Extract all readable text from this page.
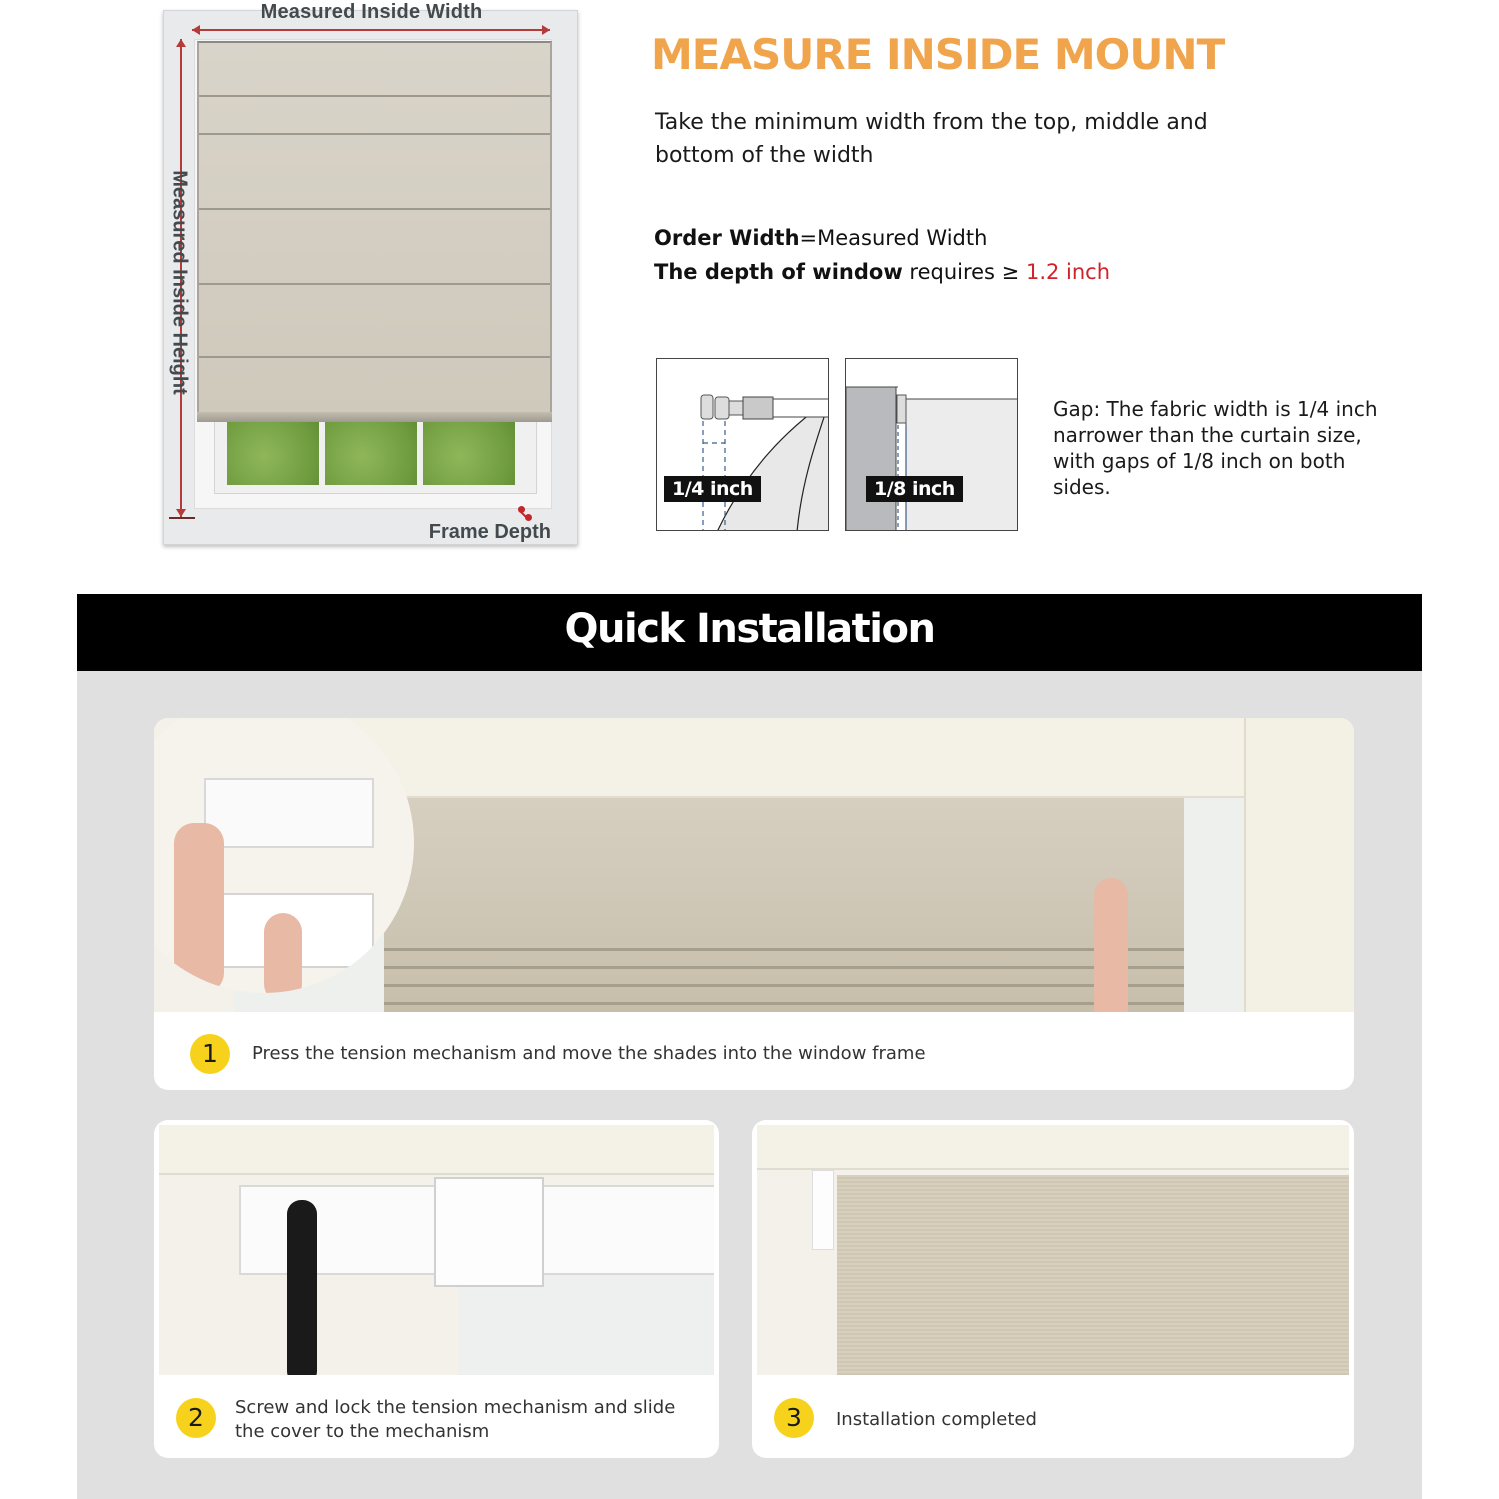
Measured Inside Width
Measured Inside Height
Frame Depth
MEASURE INSIDE MOUNT
Take the minimum width from the top, middle and bottom of the width
Order Width=Measured Width
The depth of window requires ≥ 1.2 inch
1/4 inch	1/8 inch
Gap: The fabric width is 1/4 inch narrower than the curtain size, with gaps of 1/8 inch on both sides.
Quick Installation
1	Press the tension mechanism and move the shades into the window frame
2	Screw and lock the tension mechanism and slide the cover to the mechanism	3	Installation completed
